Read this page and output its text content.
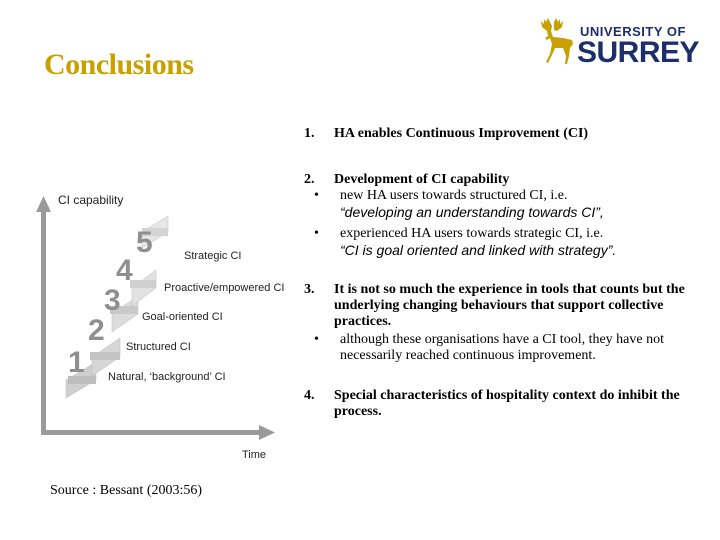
Conclusions
UNIVERSITY OF
SURREY
CI capability
Time
1
2
3
4
5
Natural, ‘background’ CI
Structured CI
Goal-oriented CI
Proactive/empowered CI
Strategic CI
Source : Bessant (2003:56)
1. HA enables Continuous Improvement (CI)
2. Development of CI capability
• new HA users towards structured CI, i.e.
“developing an understanding towards CI”,
• experienced HA users towards strategic CI, i.e.
“CI is goal oriented and linked with strategy”.
3. It is not so much the experience in tools that counts but the underlying changing behaviours that support collective practices.
• although these organisations have a CI tool, they have not necessarily reached continuous improvement.
4. Special characteristics of hospitality context do inhibit the process.
